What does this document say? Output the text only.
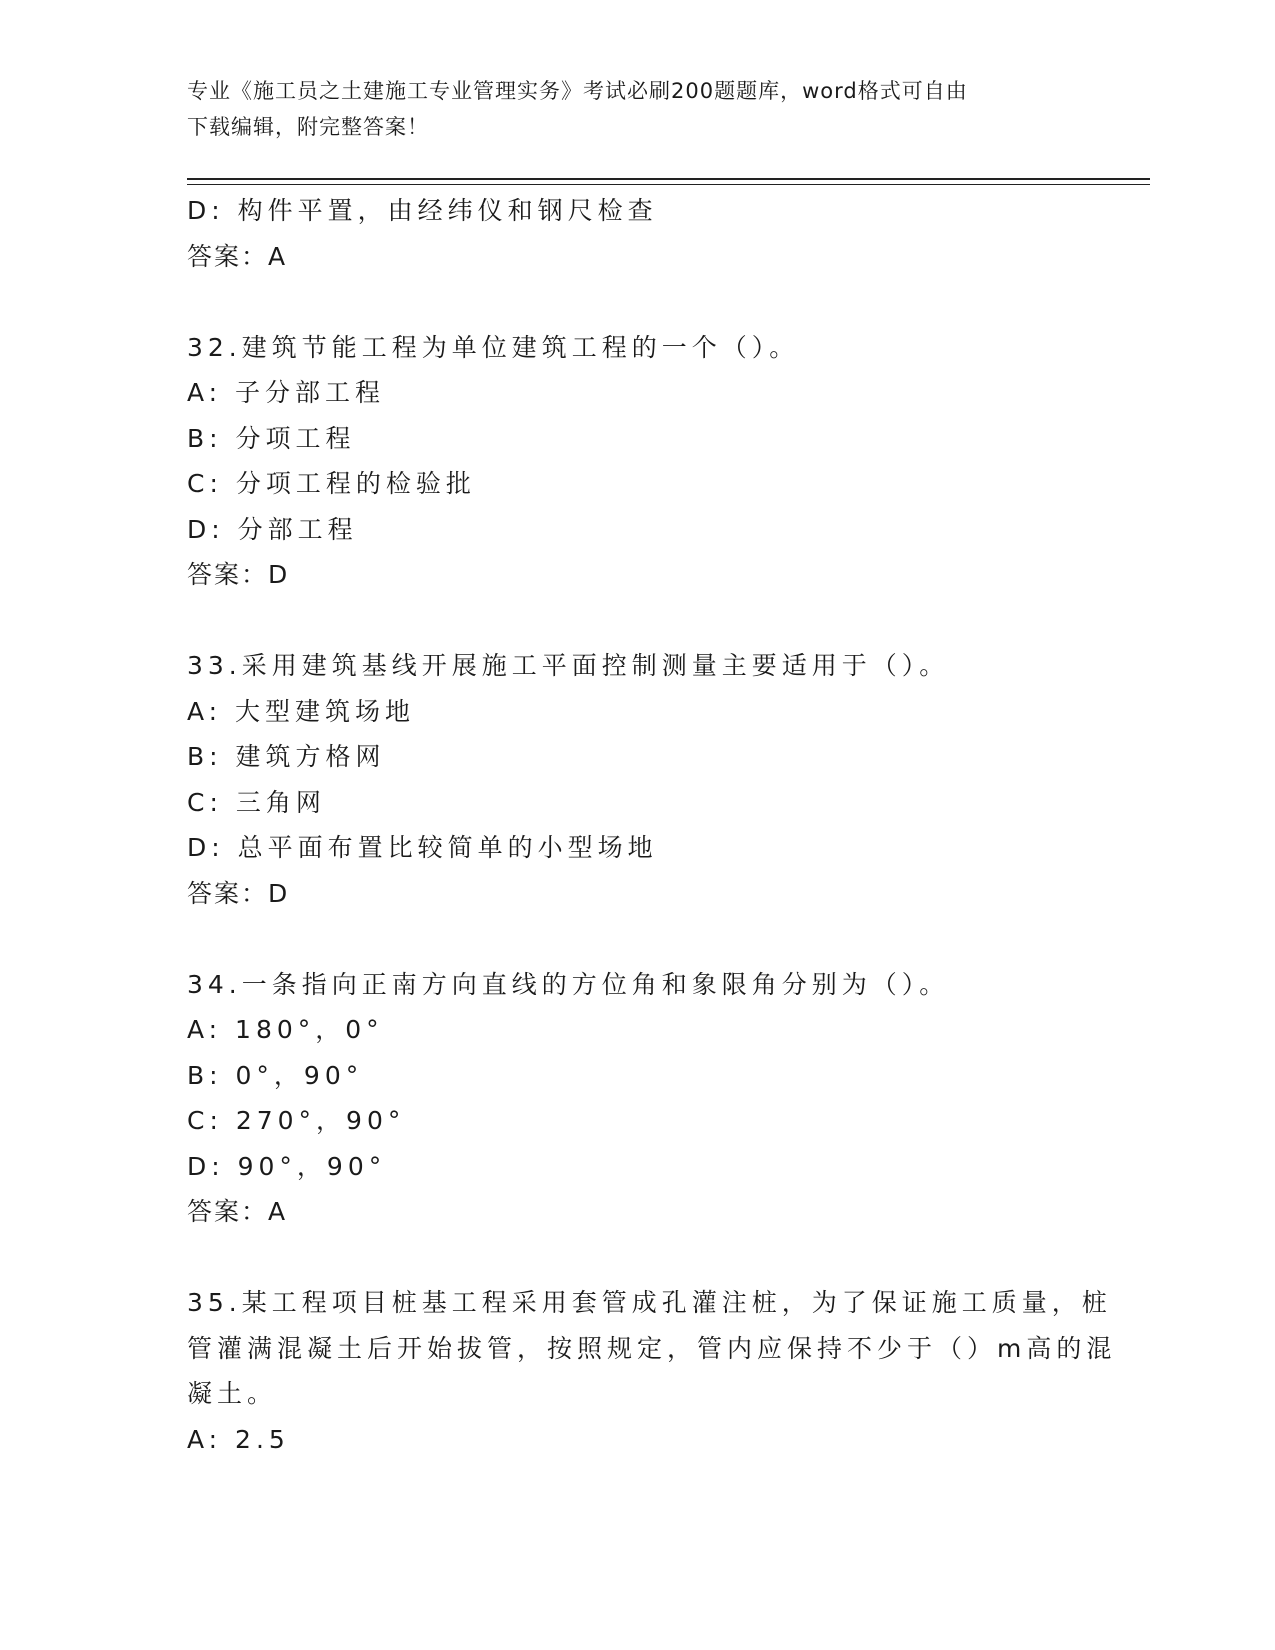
专业《施工员之土建施工专业管理实务》考试必刷200题题库，word格式可自由
下载编辑，附完整答案！
D: 构件平置，由经纬仪和钢尺检查
答案：A
32.建筑节能工程为单位建筑工程的一个（）。
A: 子分部工程
B: 分项工程
C: 分项工程的检验批
D: 分部工程
答案：D
33.采用建筑基线开展施工平面控制测量主要适用于（）。
A: 大型建筑场地
B: 建筑方格网
C: 三角网
D: 总平面布置比较简单的小型场地
答案：D
34.一条指向正南方向直线的方位角和象限角分别为（）。
A: 180°，0°
B: 0°，90°
C: 270°，90°
D: 90°，90°
答案：A
35.某工程项目桩基工程采用套管成孔灌注桩，为了保证施工质量，桩
管灌满混凝土后开始拔管，按照规定，管内应保持不少于（）m高的混
凝土。
A: 2.5
